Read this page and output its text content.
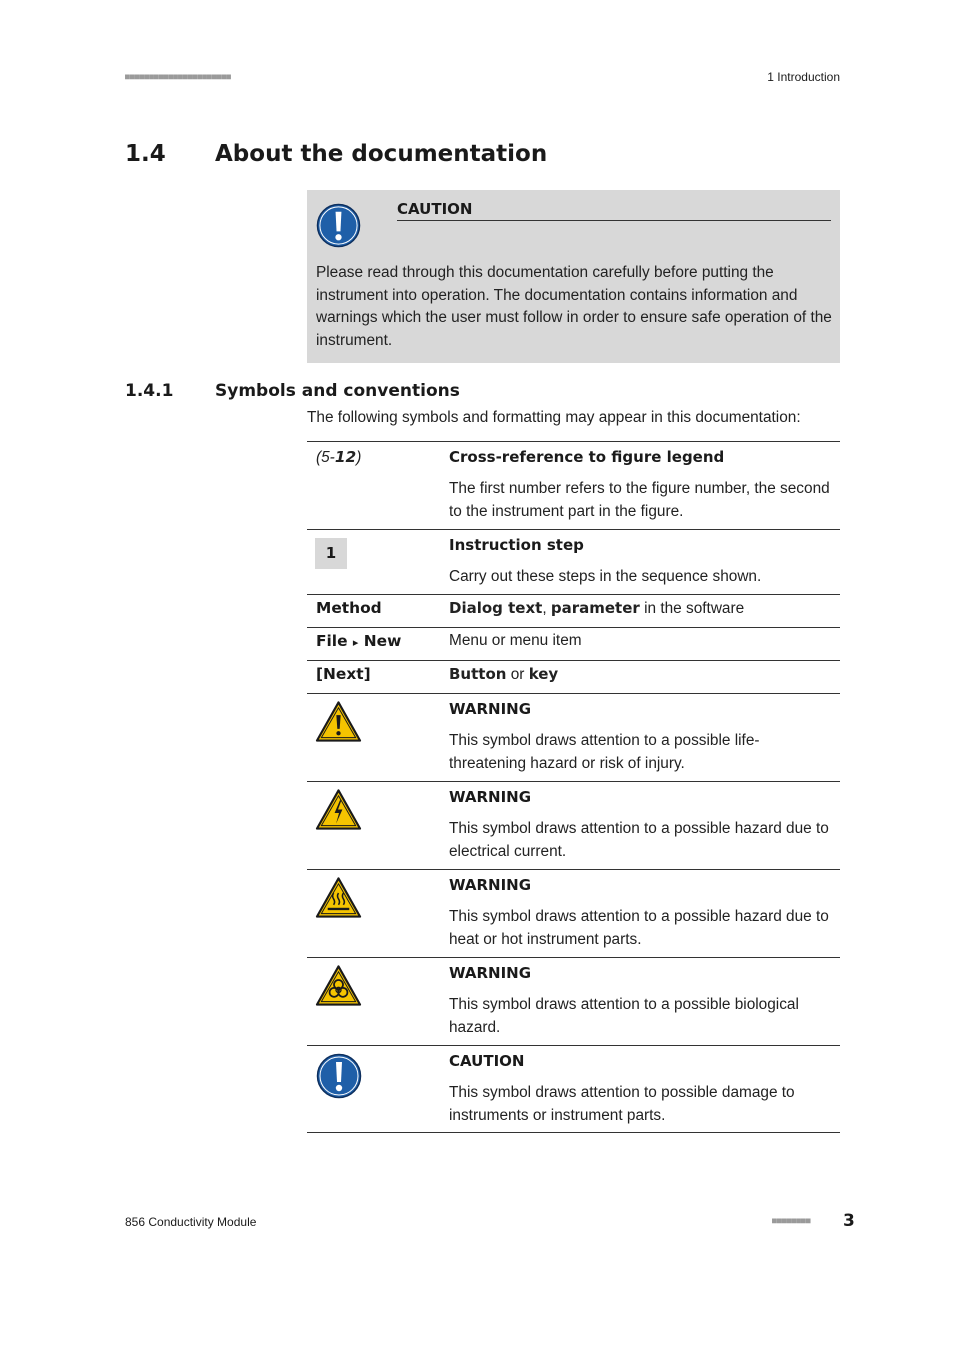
■■■■■■■■■■■■■■■■■■■■■■	1 Introduction
1.4 About the documentation
CAUTION
Please read through this documentation carefully before putting the instrument into operation. The documentation contains information and warnings which the user must follow in order to ensure safe operation of the instrument.
1.4.1 Symbols and conventions
The following symbols and formatting may appear in this documentation:
(5-12)	Cross-reference to figure legend
The first number refers to the figure number, the second to the instrument part in the figure.
1	Instruction step
Carry out these steps in the sequence shown.
Method	Dialog text, parameter in the software
File ▸ New	Menu or menu item
[Next]	Button or key
WARNING
This symbol draws attention to a possible life-threatening hazard or risk of injury.
WARNING
This symbol draws attention to a possible hazard due to electrical current.
WARNING
This symbol draws attention to a possible hazard due to heat or hot instrument parts.
WARNING
This symbol draws attention to a possible biological hazard.
CAUTION
This symbol draws attention to possible damage to instruments or instrument parts.
856 Conductivity Module	■■■■■■■■ 3
